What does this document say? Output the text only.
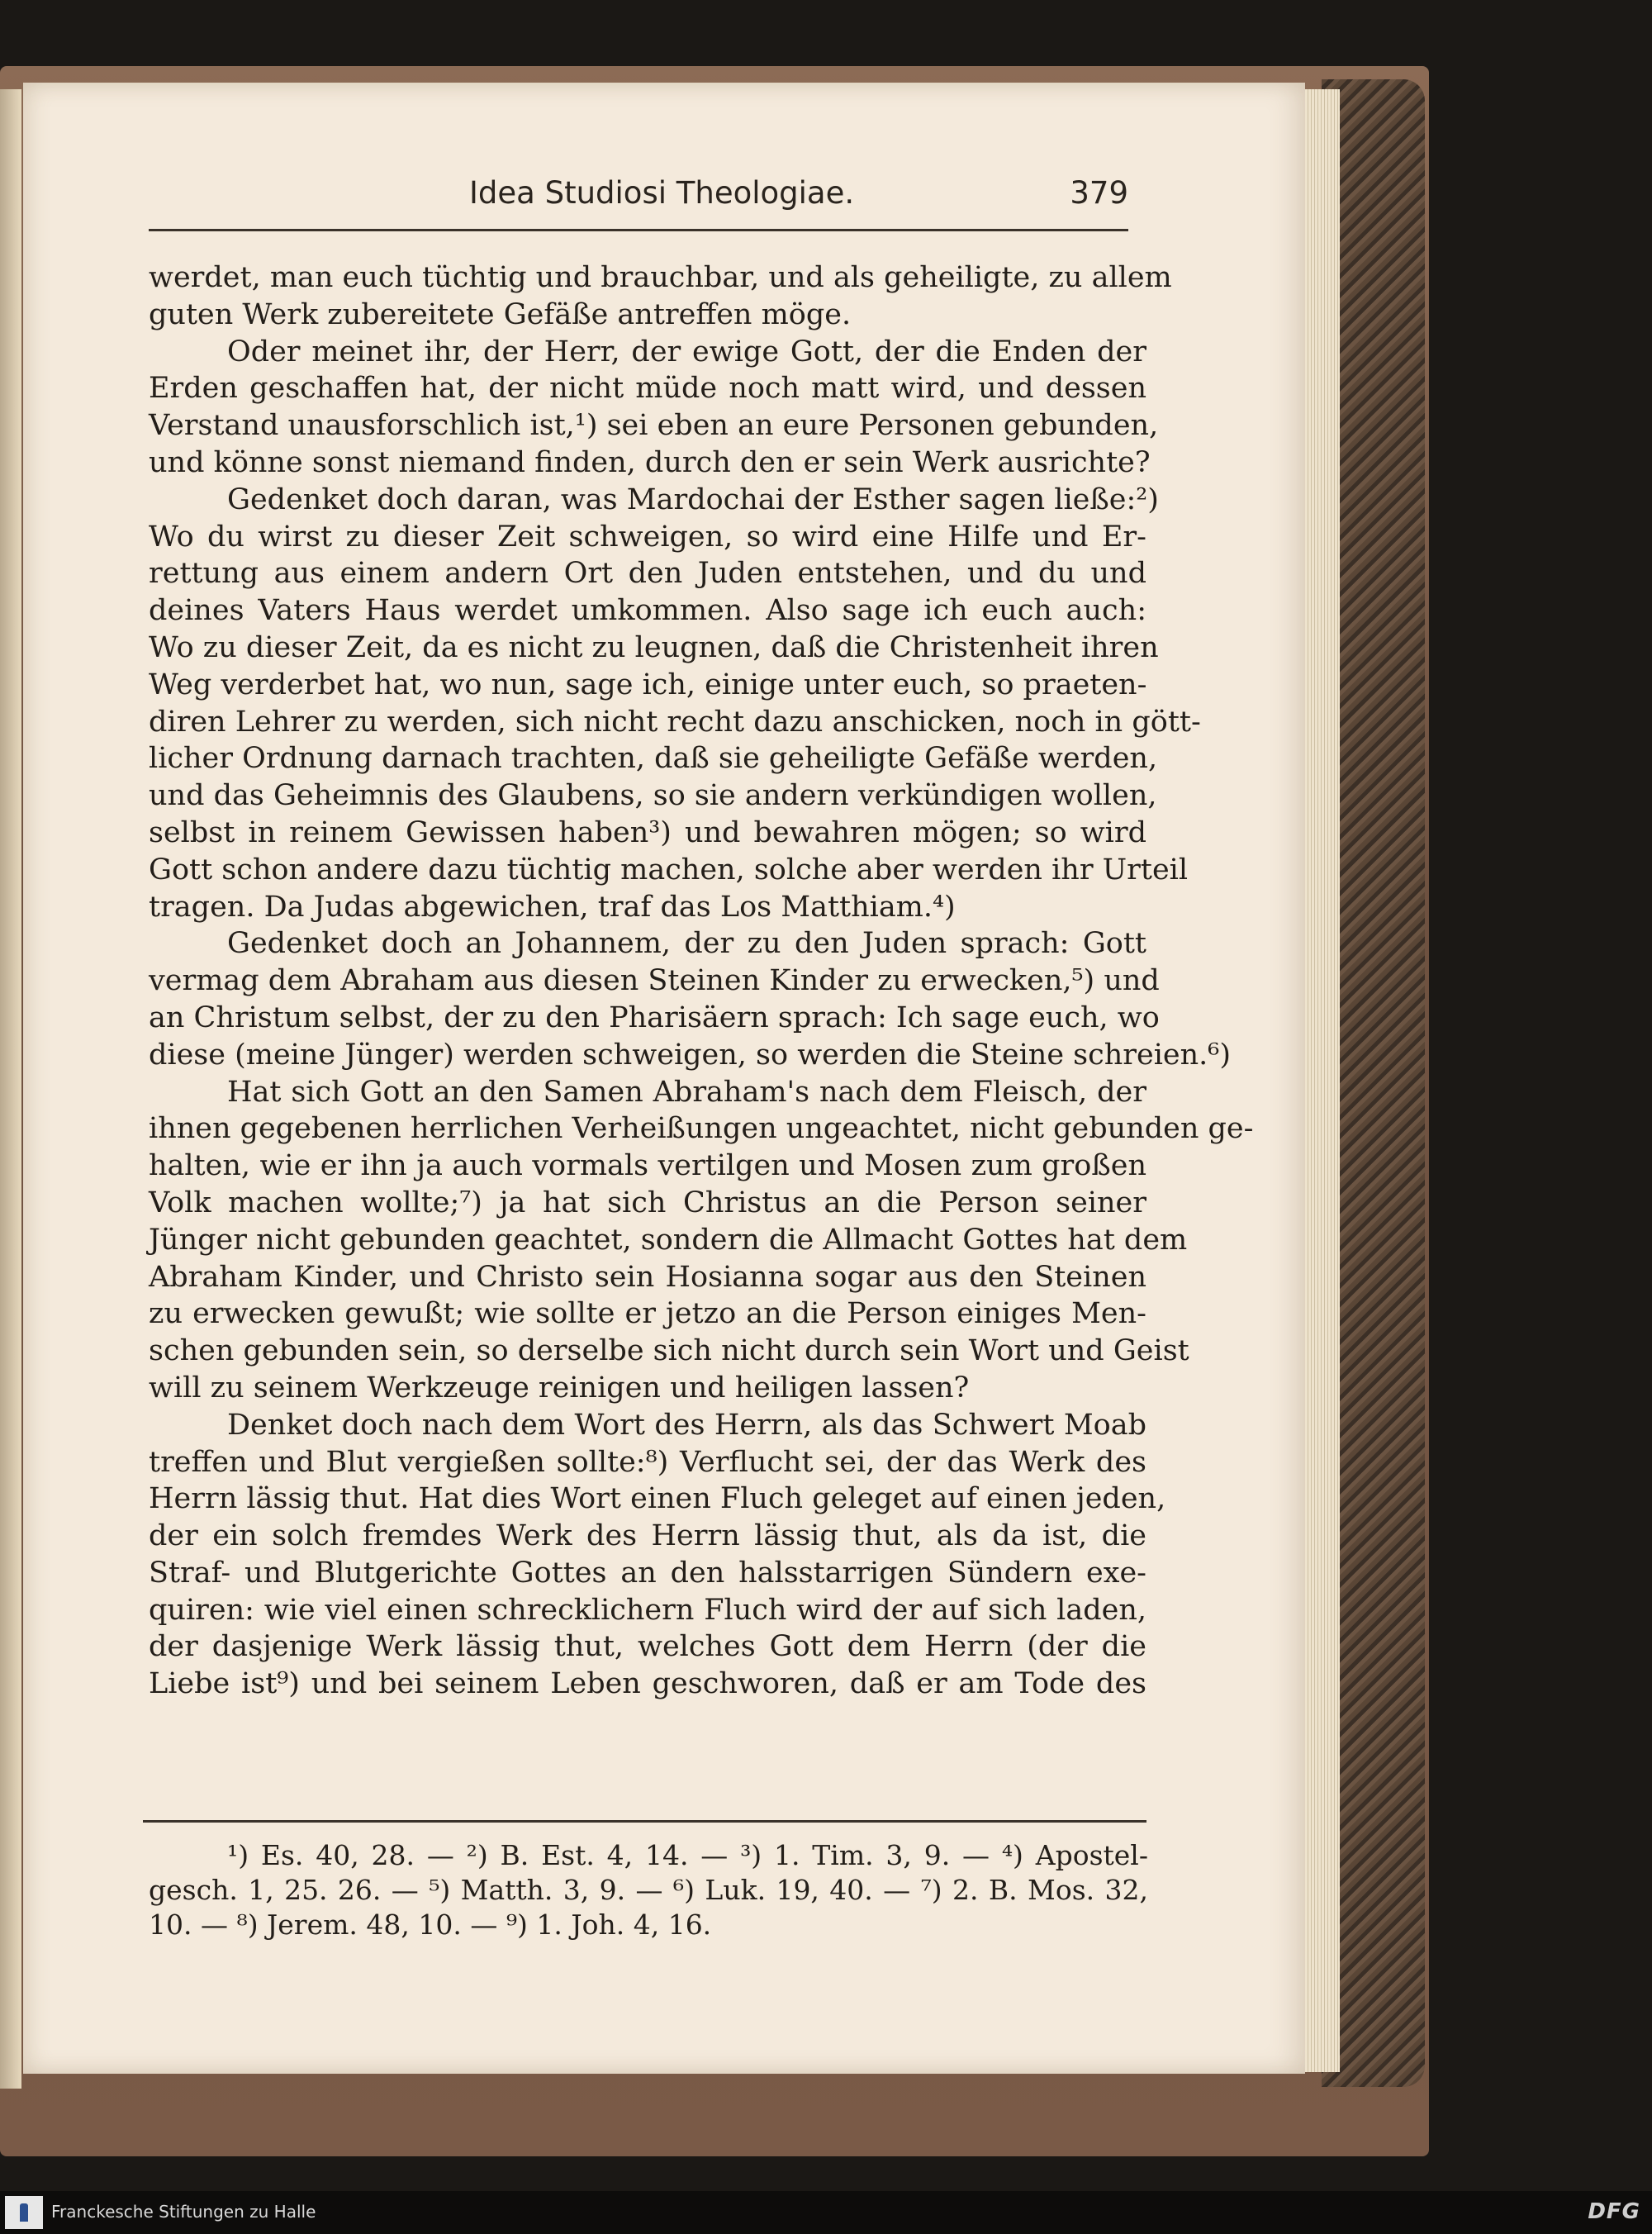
Idea Studiosi Theologiae.	379
werdet, man euch tüchtig und brauchbar, und als geheiligte, zu allem
guten Werk zubereitete Gefäße antreffen möge.
Oder meinet ihr, der Herr, der ewige Gott, der die Enden der
Erden geschaffen hat, der nicht müde noch matt wird, und dessen
Verstand unausforschlich ist,¹) sei eben an eure Personen gebunden,
und könne sonst niemand finden, durch den er sein Werk ausrichte?
Gedenket doch daran, was Mardochai der Esther sagen ließe:²)
Wo du wirst zu dieser Zeit schweigen, so wird eine Hilfe und Er-
rettung aus einem andern Ort den Juden entstehen, und du und
deines Vaters Haus werdet umkommen. Also sage ich euch auch:
Wo zu dieser Zeit, da es nicht zu leugnen, daß die Christenheit ihren
Weg verderbet hat, wo nun, sage ich, einige unter euch, so praeten-
diren Lehrer zu werden, sich nicht recht dazu anschicken, noch in gött-
licher Ordnung darnach trachten, daß sie geheiligte Gefäße werden,
und das Geheimnis des Glaubens, so sie andern verkündigen wollen,
selbst in reinem Gewissen haben³) und bewahren mögen; so wird
Gott schon andere dazu tüchtig machen, solche aber werden ihr Urteil
tragen. Da Judas abgewichen, traf das Los Matthiam.⁴)
Gedenket doch an Johannem, der zu den Juden sprach: Gott
vermag dem Abraham aus diesen Steinen Kinder zu erwecken,⁵) und
an Christum selbst, der zu den Pharisäern sprach: Ich sage euch, wo
diese (meine Jünger) werden schweigen, so werden die Steine schreien.⁶)
Hat sich Gott an den Samen Abraham's nach dem Fleisch, der
ihnen gegebenen herrlichen Verheißungen ungeachtet, nicht gebunden ge-
halten, wie er ihn ja auch vormals vertilgen und Mosen zum großen
Volk machen wollte;⁷) ja hat sich Christus an die Person seiner
Jünger nicht gebunden geachtet, sondern die Allmacht Gottes hat dem
Abraham Kinder, und Christo sein Hosianna sogar aus den Steinen
zu erwecken gewußt; wie sollte er jetzo an die Person einiges Men-
schen gebunden sein, so derselbe sich nicht durch sein Wort und Geist
will zu seinem Werkzeuge reinigen und heiligen lassen?
Denket doch nach dem Wort des Herrn, als das Schwert Moab
treffen und Blut vergießen sollte:⁸) Verflucht sei, der das Werk des
Herrn lässig thut. Hat dies Wort einen Fluch geleget auf einen jeden,
der ein solch fremdes Werk des Herrn lässig thut, als da ist, die
Straf- und Blutgerichte Gottes an den halsstarrigen Sündern exe-
quiren: wie viel einen schrecklichern Fluch wird der auf sich laden,
der dasjenige Werk lässig thut, welches Gott dem Herrn (der die
Liebe ist⁹) und bei seinem Leben geschworen, daß er am Tode des
¹) Es. 40, 28. — ²) B. Est. 4, 14. — ³) 1. Tim. 3, 9. — ⁴) Apostel-
gesch. 1, 25. 26. — ⁵) Matth. 3, 9. — ⁶) Luk. 19, 40. — ⁷) 2. B. Mos. 32,
10. — ⁸) Jerem. 48, 10. — ⁹) 1. Joh. 4, 16.
Franckesche Stiftungen zu Halle	DFG
